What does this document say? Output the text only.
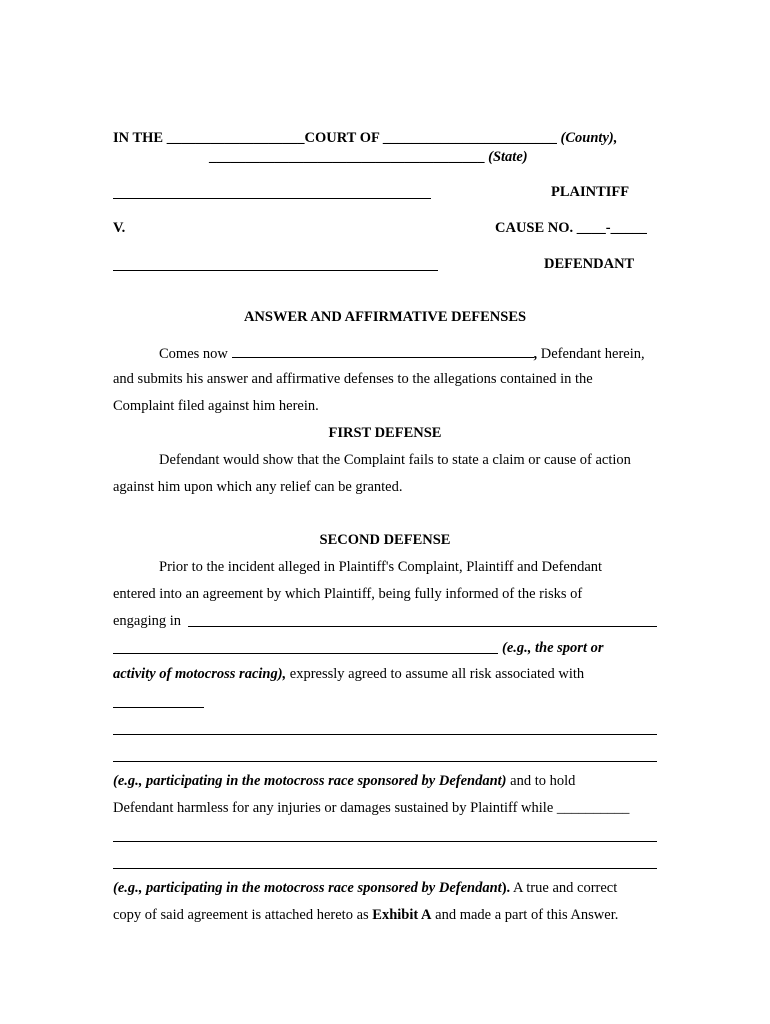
IN THE ___________________COURT OF ________________________ (County),
______________________________________ (State)
PLAINTIFF
V.	CAUSE NO. ____-_____
DEFENDANT
ANSWER AND AFFIRMATIVE DEFENSES
Comes now	, Defendant herein,
and submits his answer and affirmative defenses to the allegations contained in the
Complaint filed against him herein.
FIRST DEFENSE
Defendant would show that the Complaint fails to state a claim or cause of action
against him upon which any relief can be granted.
SECOND DEFENSE
Prior to the incident alleged in Plaintiff's Complaint, Plaintiff and Defendant
entered into an agreement by which Plaintiff, being fully informed of the risks of
engaging in
(e.g., the sport or
activity of motocross racing), expressly agreed to assume all risk associated with
(e.g., participating in the motocross race sponsored by Defendant) and to hold
Defendant harmless for any injuries or damages sustained by Plaintiff while __________
(e.g., participating in the motocross race sponsored by Defendant). A true and correct
copy of said agreement is attached hereto as Exhibit A and made a part of this Answer.
